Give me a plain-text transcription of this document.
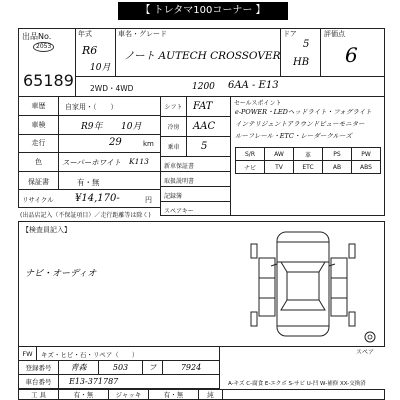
【 トレタマ100コーナー 】
出品No.
2053
65189
年式
R6
10月
車名・グレード
ノート AUTECH CROSSOVER
ドア
5
HB
評価点
6
2WD・4WD	1200 6AA - E13
車歴	自家用・（　　）
車検	R9年 10月
走行	29	km
色	スーパーホワイト K113
保証書	有・無
リサイクル ¥14,170-	円
(出品店記入（不保証項目）／走行距離等は除く)
シフト	FAT
冷房	AAC
乗車	5
新車保証書
取扱説明書
記録簿
スペアキー
セールスポイント
e-POWER・LEDヘッドライト・フォグライト
インテリジェントアラウンドビューモニター
ルーフレール・ETC・レーダークルーズ
S/R	AW	革	PS	PW
ナビ	TV	ETC	AB	ABS
【検査員記入】
ナビ・オーディオ
スペア
FW	キズ・ヒビ・石・リペア（　　）
登録番号	青森	503	フ	7924
車台番号	E13-371787	A-キズ C-腐食 E-エクボ S-サビ U-凹 W-補修 XX-交換済
工 具	有・無	ジャッキ	有・無	純
